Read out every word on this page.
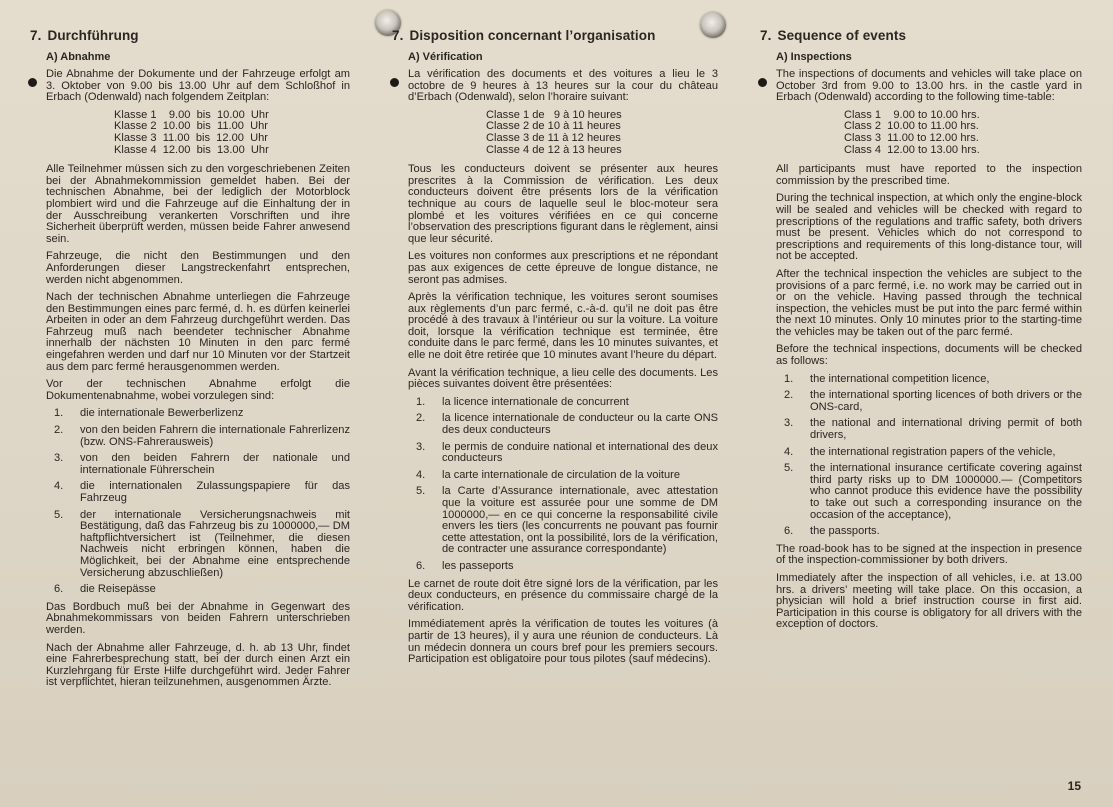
7. Durchführung
A) Abnahme

Die Abnahme der Dokumente und der Fahrzeuge erfolgt am 3. Oktober von 9.00 bis 13.00 Uhr auf dem Schloßhof in Erbach (Odenwald) nach folgendem Zeitplan:

Klasse 1    9.00  bis  10.00  Uhr
Klasse 2  10.00  bis  11.00  Uhr
Klasse 3  11.00  bis  12.00  Uhr
Klasse 4  12.00  bis  13.00  Uhr

Alle Teilnehmer müssen sich zu den vorgeschriebenen Zeiten bei der Abnahmekommission gemeldet haben. Bei der technischen Abnahme, bei der lediglich der Motorblock plombiert wird und die Fahrzeuge auf die Einhaltung der in der Ausschreibung verankerten Vorschriften und ihre Sicherheit überprüft werden, müssen beide Fahrer anwesend sein.

Fahrzeuge, die nicht den Bestimmungen und den Anforderungen dieser Langstreckenfahrt entsprechen, werden nicht abgenommen.

Nach der technischen Abnahme unterliegen die Fahrzeuge den Bestimmungen eines parc fermé, d. h. es dürfen keinerlei Arbeiten in oder an dem Fahrzeug durchgeführt werden. Das Fahrzeug muß nach beendeter technischer Abnahme innerhalb der nächsten 10 Minuten in den parc fermé eingefahren werden und darf nur 10 Minuten vor der Startzeit aus dem parc fermé herausgenommen werden.

Vor der technischen Abnahme erfolgt die Dokumentenabnahme, wobei vorzulegen sind:

1.	die internationale Bewerberlizenz
2.	von den beiden Fahrern die internationale Fahrerlizenz (bzw. ONS-Fahrerausweis)
3.	von den beiden Fahrern der nationale und internationale Führerschein
4.	die internationalen Zulassungspapiere für das Fahrzeug
5.	der internationale Versicherungsnachweis mit Bestätigung, daß das Fahrzeug bis zu 1000000,— DM haftpflichtversichert ist (Teilnehmer, die diesen Nachweis nicht erbringen können, haben die Möglichkeit, bei der Abnahme eine entsprechende Versicherung abzuschließen)
6.	die Reisepässe

Das Bordbuch muß bei der Abnahme in Gegenwart des Abnahmekommissars von beiden Fahrern unterschrieben werden.

Nach der Abnahme aller Fahrzeuge, d. h. ab 13 Uhr, findet eine Fahrerbesprechung statt, bei der durch einen Arzt ein Kurzlehrgang für Erste Hilfe durchgeführt wird. Jeder Fahrer ist verpflichtet, hieran teilzunehmen, ausgenommen Ärzte.

7. Disposition concernant l’organisation
A) Vérification

La vérification des documents et des voitures a lieu le 3 octobre de 9 heures à 13 heures sur la cour du château d’Erbach (Odenwald), selon l’horaire suivant:

Classe 1 de   9 à 10 heures
Classe 2 de 10 à 11 heures
Classe 3 de 11 à 12 heures
Classe 4 de 12 à 13 heures

Tous les conducteurs doivent se présenter aux heures prescrites à la Commission de vérification. Les deux conducteurs doivent être présents lors de la vérification technique au cours de laquelle seul le bloc-moteur sera plombé et les voitures vérifiées en ce qui concerne l’observation des prescriptions figurant dans le règlement, ainsi que leur sécurité.

Les voitures non conformes aux prescriptions et ne répondant pas aux exigences de cette épreuve de longue distance, ne seront pas admises.

Après la vérification technique, les voitures seront soumises aux règlements d’un parc fermé, c.-à-d. qu’il ne doit pas être procédé à des travaux à l’intérieur ou sur la voiture. La voiture doit, lorsque la vérification technique est terminée, être conduite dans le parc fermé, dans les 10 minutes suivantes, et elle ne doit être retirée que 10 minutes avant l’heure du départ.

Avant la vérification technique, a lieu celle des documents. Les pièces suivantes doivent être présentées:

1.	la licence internationale de concurrent
2.	la licence internationale de conducteur ou la carte ONS des deux conducteurs
3.	le permis de conduire national et international des deux conducteurs
4.	la carte internationale de circulation de la voiture
5.	la Carte d’Assurance internationale, avec attestation que la voiture est assurée pour une somme de DM 1000000,— en ce qui concerne la responsabilité civile envers les tiers (les concurrents ne pouvant pas fournir cette attestation, ont la possibilité, lors de la vérification, de contracter une assurance correspondante)
6.	les passeports

Le carnet de route doit être signé lors de la vérification, par les deux conducteurs, en présence du commissaire chargé de la vérification.

Immédiatement après la vérification de toutes les voitures (à partir de 13 heures), il y aura une réunion de conducteurs. Là un médecin donnera un cours bref pour les premiers secours. Participation est obligatoire pour tous pilotes (sauf médecins).

7. Sequence of events
A) Inspections

The inspections of documents and vehicles will take place on October 3rd from 9.00 to 13.00 hrs. in the castle yard in Erbach (Odenwald) according to the following time-table:

Class 1    9.00 to 10.00 hrs.
Class 2  10.00 to 11.00 hrs.
Class 3  11.00 to 12.00 hrs.
Class 4  12.00 to 13.00 hrs.

All participants must have reported to the inspection commission by the prescribed time.

During the technical inspection, at which only the engine-block will be sealed and vehicles will be checked with regard to prescriptions of the regulations and traffic safety, both drivers must be present. Vehicles which do not correspond to prescriptions and requirements of this long-distance tour, will not be accepted.

After the technical inspection the vehicles are subject to the provisions of a parc fermé, i.e. no work may be carried out in or on the vehicle. Having passed through the technical inspection, the vehicles must be put into the parc fermé within the next 10 minutes. Only 10 minutes prior to the starting-time the vehicles may be taken out of the parc fermé.

Before the technical inspections, documents will be checked as follows:

1.	the international competition licence,
2.	the international sporting licences of both drivers or the ONS-card,
3.	the national and international driving permit of both drivers,
4.	the international registration papers of the vehicle,
5.	the international insurance certificate covering against third party risks up to DM 1000000.— (Competitors who cannot produce this evidence have the possibility to take out such a corresponding insurance on the occasion of the acceptance),
6.	the passports.

The road-book has to be signed at the inspection in presence of the inspection-commissioner by both drivers.

Immediately after the inspection of all vehicles, i.e. at 13.00 hrs. a drivers’ meeting will take place. On this occasion, a physician will hold a brief instruction course in first aid. Participation in this course is obligatory for all drivers with the exception of doctors.

15
